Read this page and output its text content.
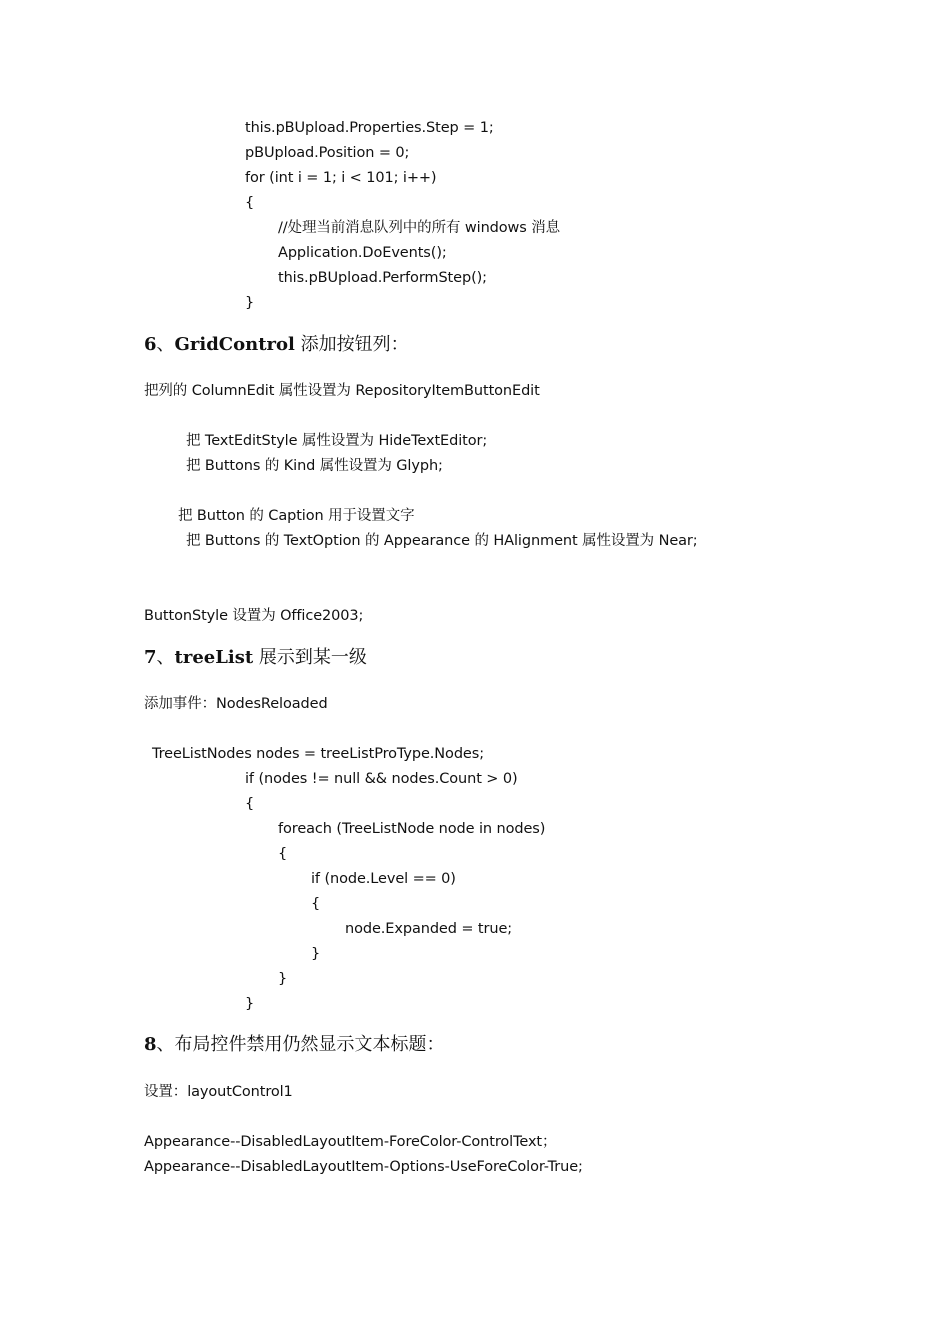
this.pBUpload.Properties.Step = 1;
pBUpload.Position = 0;
for (int i = 1; i < 101; i++)
{
//处理当前消息队列中的所有 windows 消息
Application.DoEvents();
this.pBUpload.PerformStep();
}
6、GridControl 添加按钮列：
把列的 ColumnEdit 属性设置为 RepositoryItemButtonEdit
把 TextEditStyle 属性设置为 HideTextEditor;
把 Buttons 的 Kind 属性设置为 Glyph;
把 Button 的 Caption 用于设置文字
把 Buttons 的 TextOption 的 Appearance 的 HAlignment 属性设置为 Near;
ButtonStyle 设置为 Office2003;
7、treeList 展示到某一级
添加事件：NodesReloaded
TreeListNodes nodes = treeListProType.Nodes;
if (nodes != null && nodes.Count > 0)
{
foreach (TreeListNode node in nodes)
{
if (node.Level == 0)
{
node.Expanded = true;
}
}
}
8、布局控件禁用仍然显示文本标题：
设置：layoutControl1
Appearance--DisabledLayoutItem-ForeColor-ControlText；
Appearance--DisabledLayoutItem-Options-UseForeColor-True;
